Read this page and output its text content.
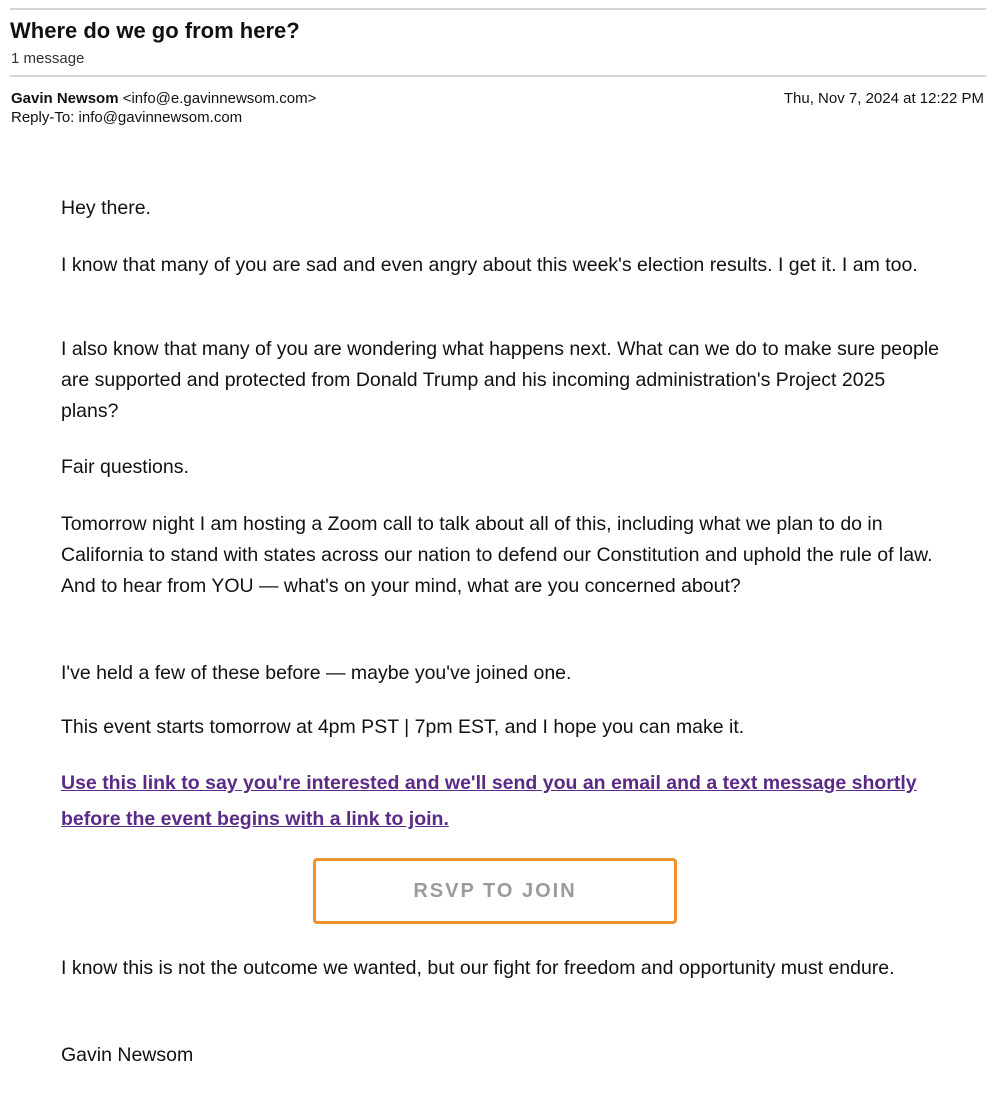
Where do we go from here?
1 message
Gavin Newsom <info@e.gavinnewsom.com>
Reply-To: info@gavinnewsom.com
Thu, Nov 7, 2024 at 12:22 PM

Hey there.

I know that many of you are sad and even angry about this week's election results. I get it. I am too.

I also know that many of you are wondering what happens next. What can we do to make sure people are supported and protected from Donald Trump and his incoming administration's Project 2025 plans?

Fair questions.

Tomorrow night I am hosting a Zoom call to talk about all of this, including what we plan to do in California to stand with states across our nation to defend our Constitution and uphold the rule of law. And to hear from YOU — what's on your mind, what are you concerned about?

I've held a few of these before — maybe you've joined one.

This event starts tomorrow at 4pm PST | 7pm EST, and I hope you can make it.

Use this link to say you're interested and we'll send you an email and a text message shortly before the event begins with a link to join.

RSVP TO JOIN

I know this is not the outcome we wanted, but our fight for freedom and opportunity must endure.

Gavin Newsom
